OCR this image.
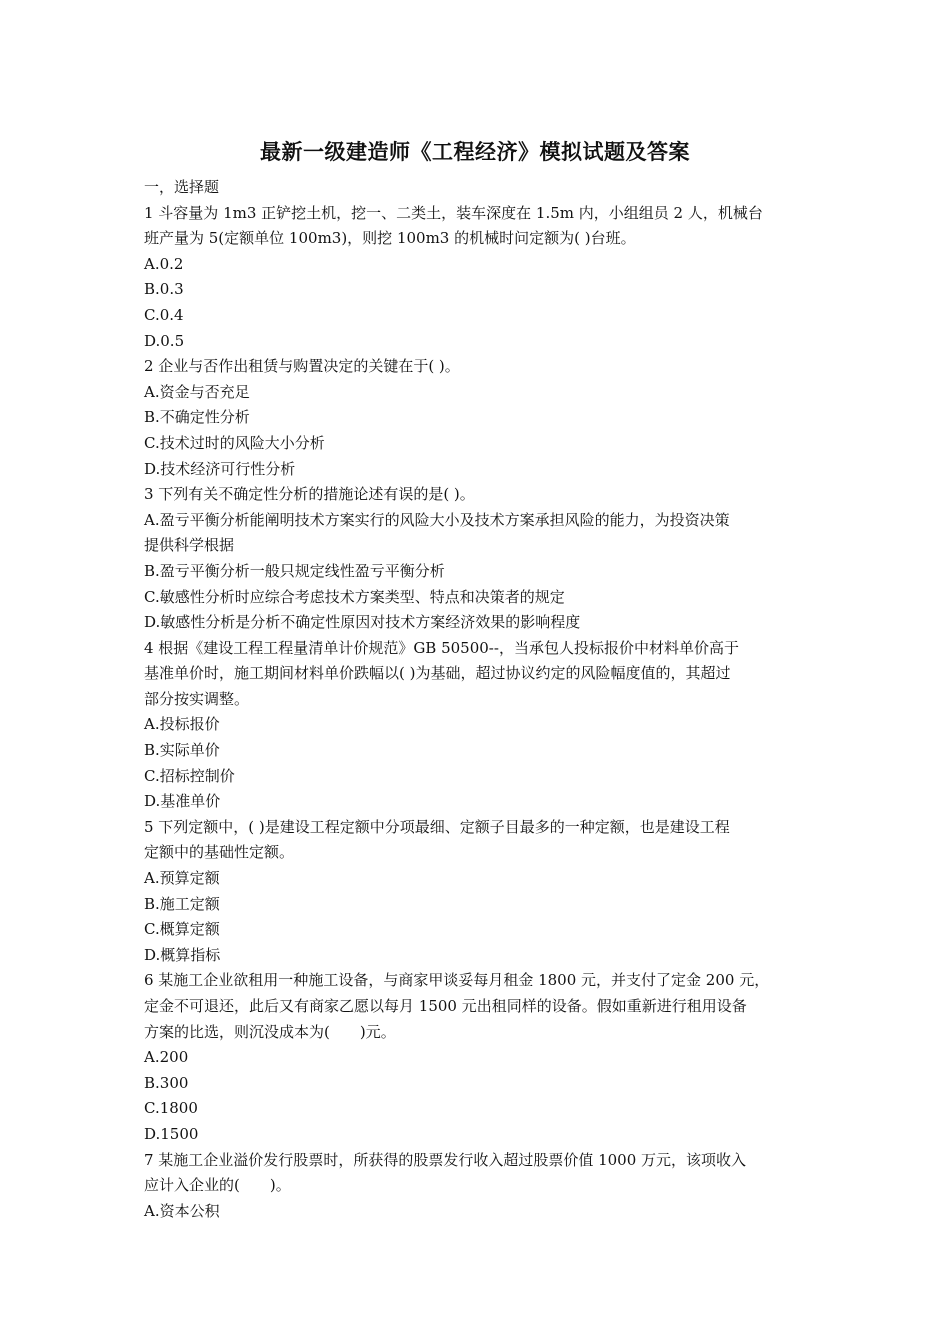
最新一级建造师《工程经济》模拟试题及答案
一，选择题
1 斗容量为 1m3 正铲挖土机，挖一、二类土，装车深度在 1.5m 内，小组组员 2 人，机械台
班产量为 5(定额单位 100m3)，则挖 100m3 的机械时问定额为( )台班。
A.0.2
B.0.3
C.0.4
D.0.5
2 企业与否作出租赁与购置决定的关键在于( )。
A.资金与否充足
B.不确定性分析
C.技术过时的风险大小分析
D.技术经济可行性分析
3 下列有关不确定性分析的措施论述有误的是( )。
A.盈亏平衡分析能阐明技术方案实行的风险大小及技术方案承担风险的能力，为投资决策
提供科学根据
B.盈亏平衡分析一般只规定线性盈亏平衡分析
C.敏感性分析时应综合考虑技术方案类型、特点和决策者的规定
D.敏感性分析是分析不确定性原因对技术方案经济效果的影响程度
4 根据《建设工程工程量清单计价规范》GB 50500--，当承包人投标报价中材料单价高于
基准单价时，施工期间材料单价跌幅以( )为基础，超过协议约定的风险幅度值的，其超过
部分按实调整。
A.投标报价
B.实际单价
C.招标控制价
D.基准单价
5 下列定额中，( )是建设工程定额中分项最细、定额子目最多的一种定额，也是建设工程
定额中的基础性定额。
A.预算定额
B.施工定额
C.概算定额
D.概算指标
6 某施工企业欲租用一种施工设备，与商家甲谈妥每月租金 1800 元，并支付了定金 200 元，
定金不可退还，此后又有商家乙愿以每月 1500 元出租同样的设备。假如重新进行租用设备
方案的比选，则沉没成本为(　　)元。
A.200
B.300
C.1800
D.1500
7 某施工企业溢价发行股票时，所获得的股票发行收入超过股票价值 1000 万元，该项收入
应计入企业的(　　)。
A.资本公积
